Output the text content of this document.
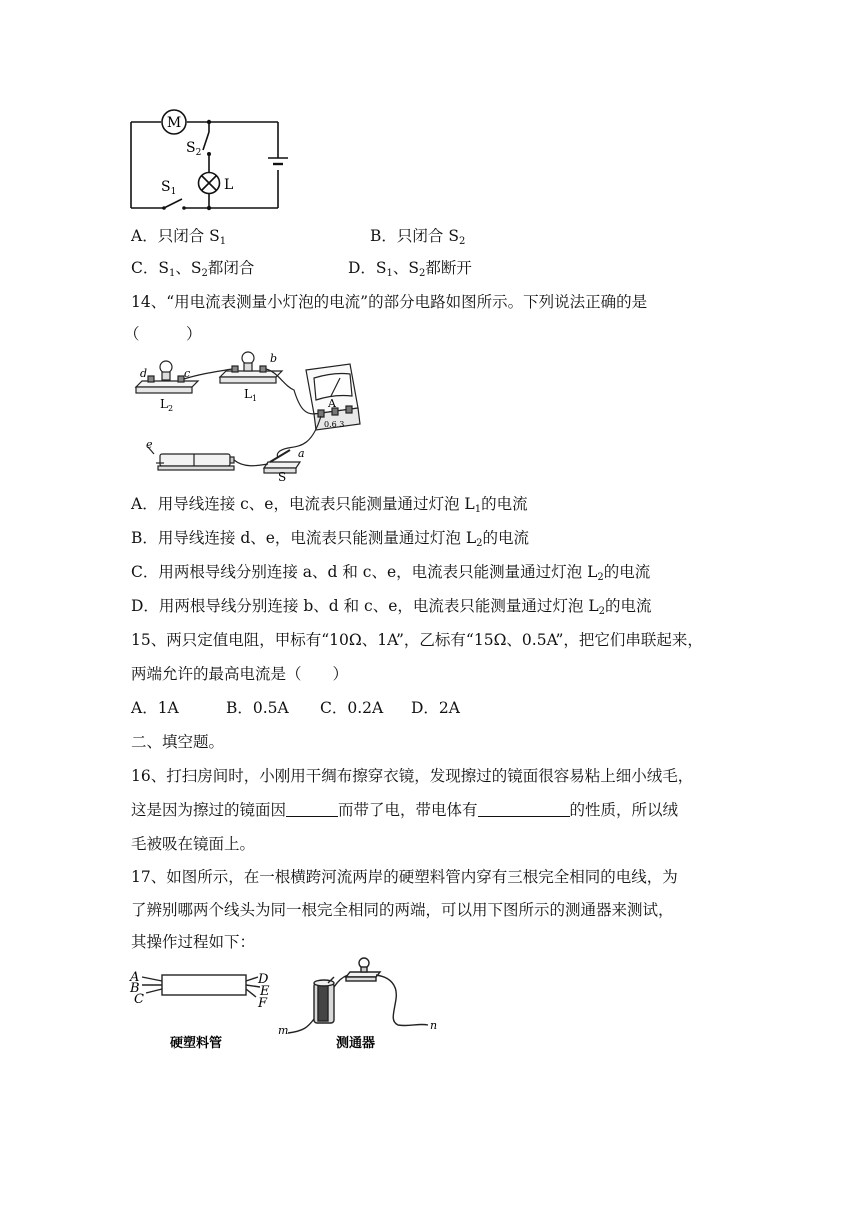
M
$S_2$
L
$S_1$
A．只闭合 $S_1$	B．只闭合 $S_2$
C．$S_1$、$S_2$都闭合	D．$S_1$、$S_2$都断开
14、“用电流表测量小灯泡的电流”的部分电路如图所示。下列说法正确的是
（　　　）
d	c
b
$L_2$
$L_1$	A
0.6 3
e
a
S
A．用导线连接 c、e，电流表只能测量通过灯泡 $L_1$的电流
B．用导线连接 d、e，电流表只能测量通过灯泡 $L_2$的电流
C．用两根导线分别连接 a、d 和 c、e，电流表只能测量通过灯泡 $L_2$的电流
D．用两根导线分别连接 b、d 和 c、e，电流表只能测量通过灯泡 $L_2$的电流
15、两只定值电阻，甲标有“10Ω、1A”，乙标有“15Ω、0.5A”，把它们串联起来，
两端允许的最高电流是（　　）
A．1A	B．0.5A C．0.2A D．2A
二、填空题。
16、打扫房间时，小刚用干绸布擦穿衣镜，发现擦过的镜面很容易粘上细小绒毛，
这是因为擦过的镜面因	而带了电，带电体有	的性质，所以绒
毛被吸在镜面上。
17、如图所示，在一根横跨河流两岸的硬塑料管内穿有三根完全相同的电线，为
了辨别哪两个线头为同一根完全相同的两端，可以用下图所示的测通器来测试，
其操作过程如下：
A
B
C
D
E
F
m	n
硬塑料管	测通器
